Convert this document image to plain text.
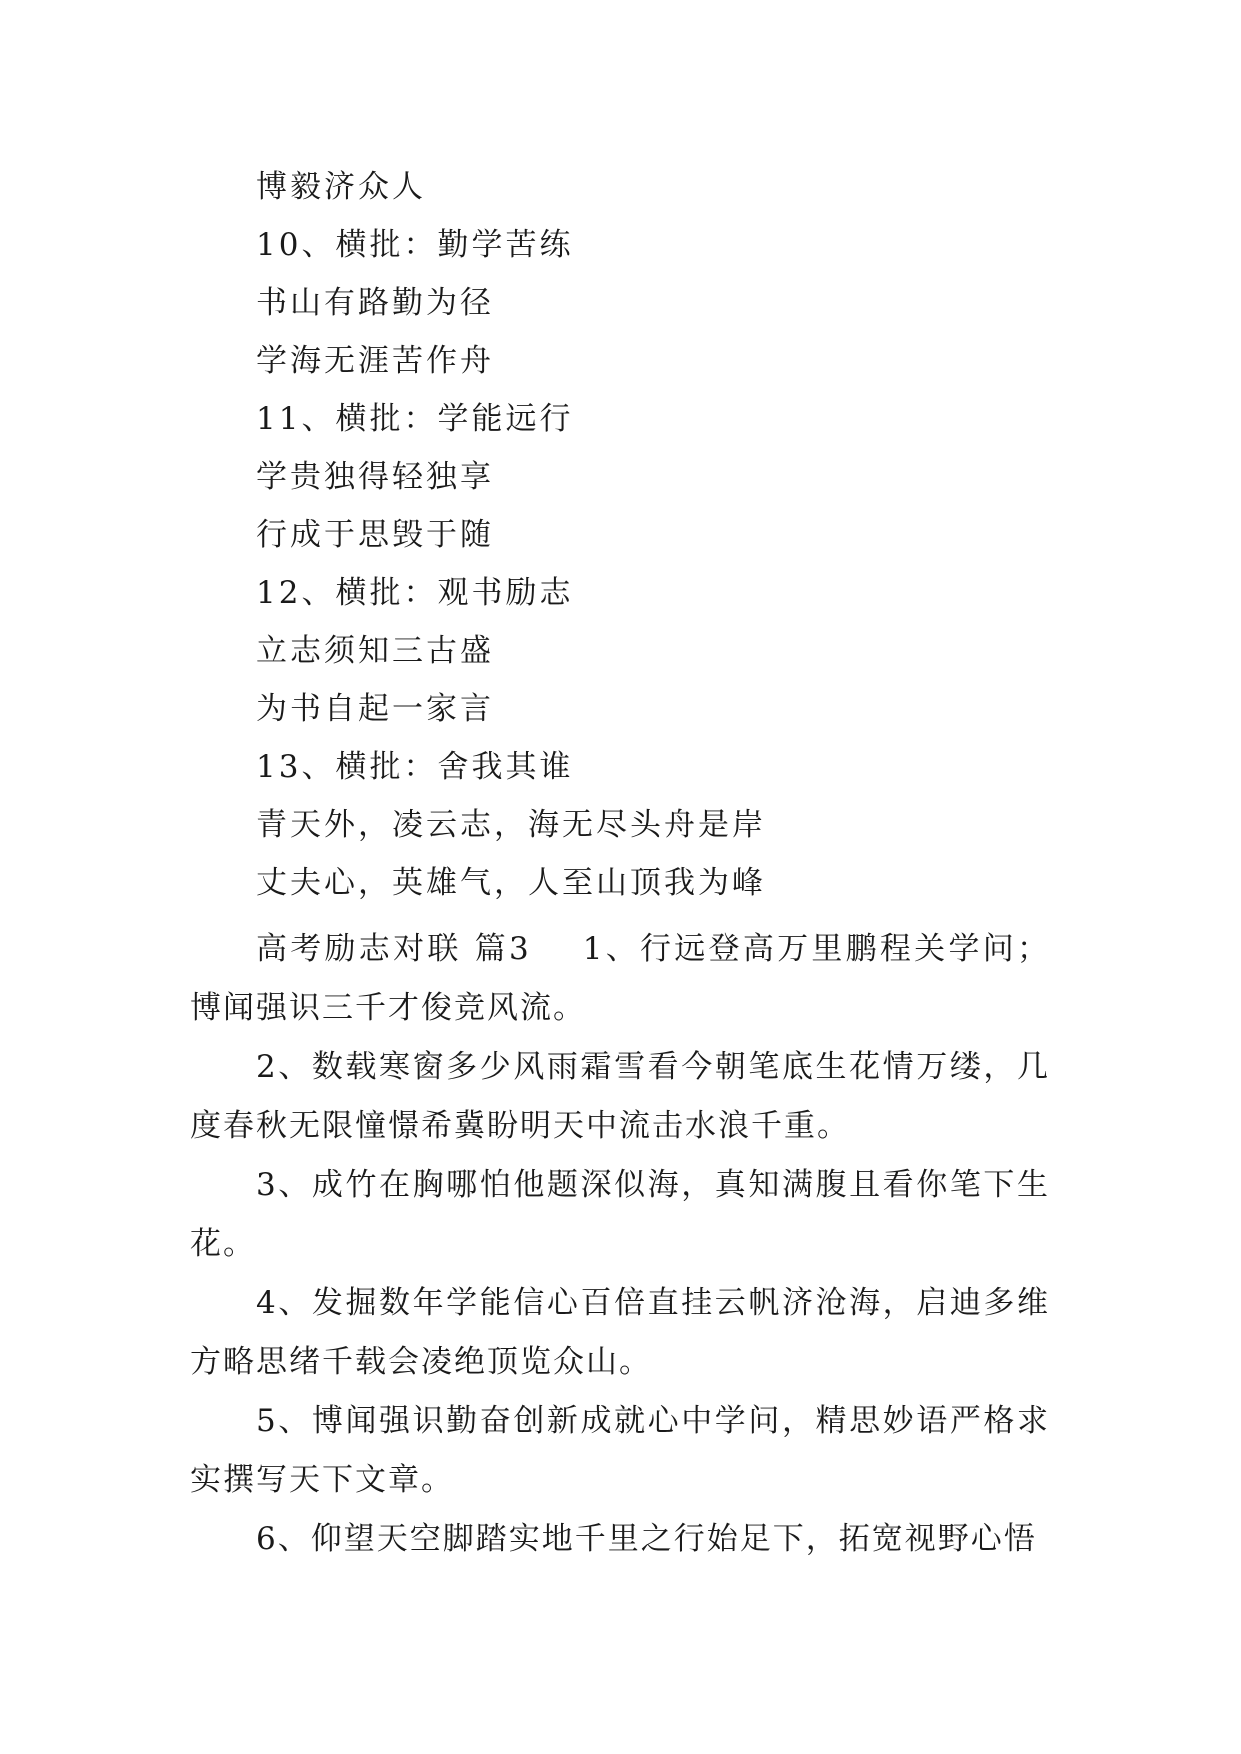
博毅济众人
10、横批：勤学苦练
书山有路勤为径
学海无涯苦作舟
11、横批：学能远行
学贵独得轻独享
行成于思毁于随
12、横批：观书励志
立志须知三古盛
为书自起一家言
13、横批：舍我其谁
青天外，凌云志，海无尽头舟是岸
丈夫心，英雄气，人至山顶我为峰

高考励志对联 篇3 1、行远登高万里鹏程关学问；博闻强识三千才俊竞风流。

2、数载寒窗多少风雨霜雪看今朝笔底生花情万缕，几度春秋无限憧憬希冀盼明天中流击水浪千重。

3、成竹在胸哪怕他题深似海，真知满腹且看你笔下生花。

4、发掘数年学能信心百倍直挂云帆济沧海，启迪多维方略思绪千载会凌绝顶览众山。

5、博闻强识勤奋创新成就心中学问，精思妙语严格求实撰写天下文章。

6、仰望天空脚踏实地千里之行始足下，拓宽视野心悟
